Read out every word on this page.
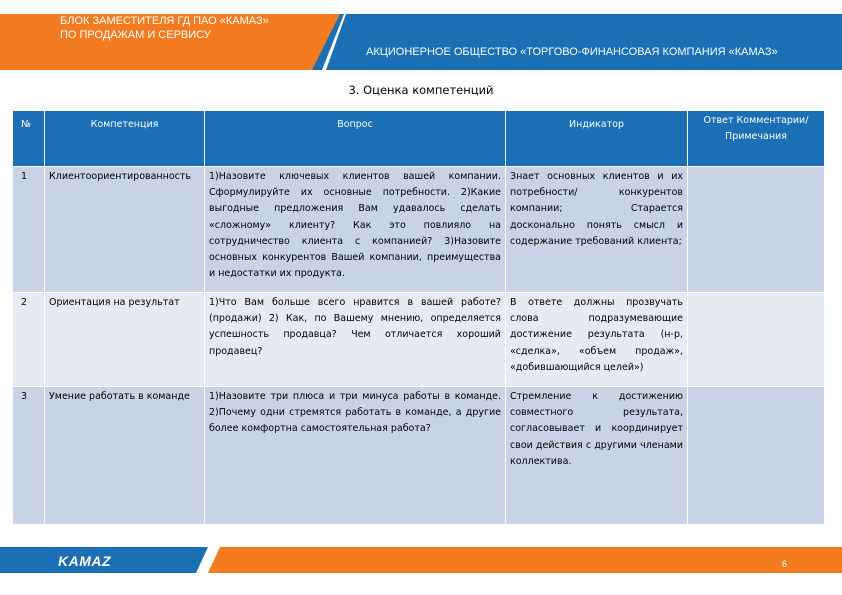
БЛОК ЗАМЕСТИТЕЛЯ ГД ПАО «КАМАЗ»
ПО ПРОДАЖАМ И СЕРВИСУ
АКЦИОНЕРНОЕ ОБЩЕСТВО «ТОРГОВО-ФИНАНСОВАЯ КОМПАНИЯ «КАМАЗ»
3. Оценка компетенций
№	Компетенция	Вопрос	Индикатор	Ответ Комментарии/ Примечания
1	Клиентоориентированность	1)Назовите ключевых клиентов вашей компании. Сформулируйте их основные потребности. 2)Какие выгодные предложения Вам удавалось сделать «сложному» клиенту? Как это повлияло на сотрудничество клиента с компанией? 3)Назовите основных конкурентов Вашей компании, преимущества и недостатки их продукта.	Знает основных клиентов и их потребности/ конкурентов компании; Старается досконально понять смысл и содержание требований клиента;	
2	Ориентация на результат	1)Что Вам больше всего нравится в вашей работе? (продажи) 2) Как, по Вашему мнению, определяется успешность продавца? Чем отличается хороший продавец?	В ответе должны прозвучать слова подразумевающие достижение результата (н-р, «сделка», «объем продаж», «добившающийся целей»)	
3	Умение работать в команде	1)Назовите три плюса и три минуса работы в команде. 2)Почему одни стремятся работать в команде, а другие более комфортна самостоятельная работа?	Стремление к достижению совместного результата, согласовывает и координирует свои действия с другими членами коллектива.	
KAMAZ	6
